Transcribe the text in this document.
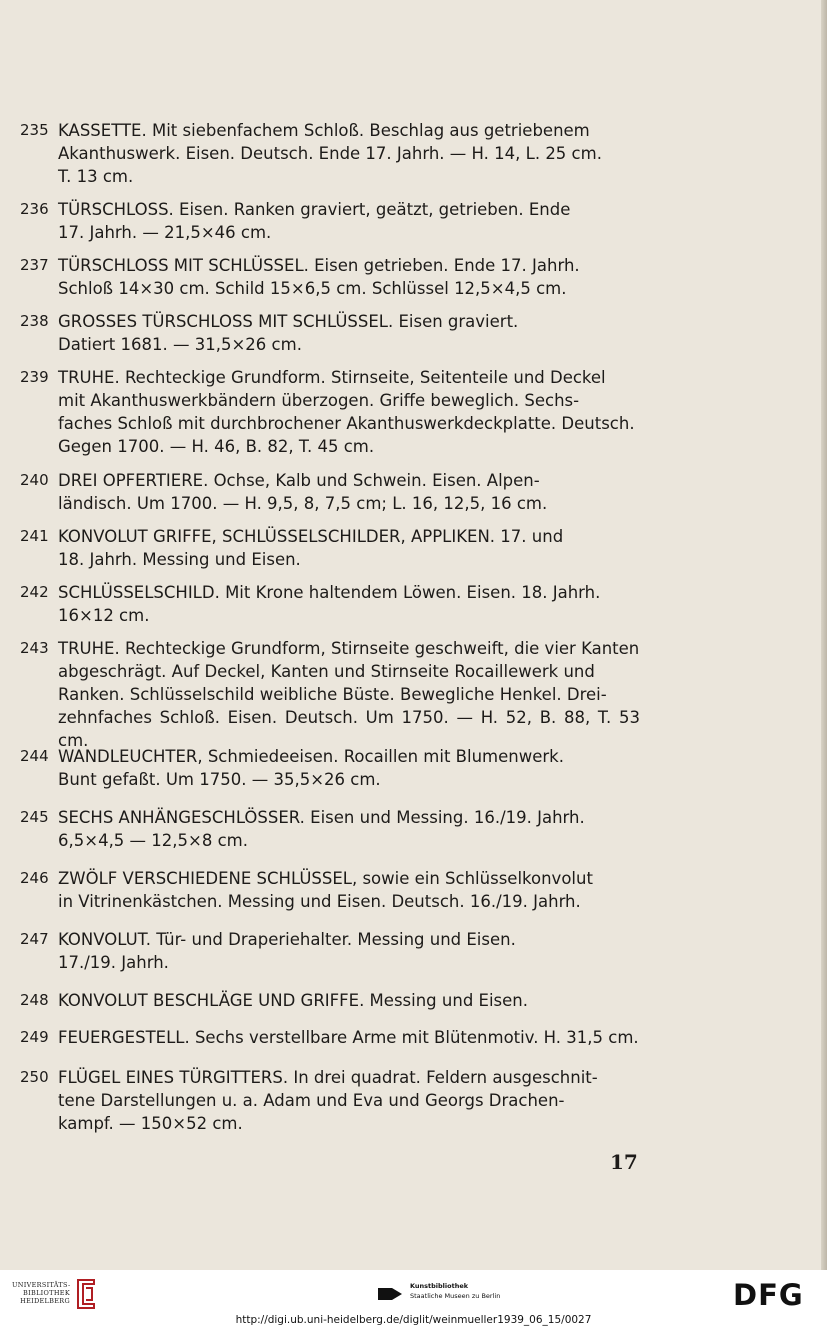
235 KASSETTE. Mit siebenfachem Schloß. Beschlag aus getriebenem
Akanthuswerk. Eisen. Deutsch. Ende 17. Jahrh. — H. 14, L. 25 cm.
T. 13 cm.
236 TÜRSCHLOSS. Eisen. Ranken graviert, geätzt, getrieben. Ende
17. Jahrh. — 21,5×46 cm.
237 TÜRSCHLOSS MIT SCHLÜSSEL. Eisen getrieben. Ende 17. Jahrh.
Schloß 14×30 cm. Schild 15×6,5 cm. Schlüssel 12,5×4,5 cm.
238 GROSSES TÜRSCHLOSS MIT SCHLÜSSEL. Eisen graviert.
Datiert 1681. — 31,5×26 cm.
239 TRUHE. Rechteckige Grundform. Stirnseite, Seitenteile und Deckel
mit Akanthuswerkbändern überzogen. Griffe beweglich. Sechs-
faches Schloß mit durchbrochener Akanthuswerkdeckplatte. Deutsch.
Gegen 1700. — H. 46, B. 82, T. 45 cm.
240 DREI OPFERTIERE. Ochse, Kalb und Schwein. Eisen. Alpen-
ländisch. Um 1700. — H. 9,5, 8, 7,5 cm; L. 16, 12,5, 16 cm.
241 KONVOLUT GRIFFE, SCHLÜSSELSCHILDER, APPLIKEN. 17. und
18. Jahrh. Messing und Eisen.
242 SCHLÜSSELSCHILD. Mit Krone haltendem Löwen. Eisen. 18. Jahrh.
16×12 cm.
243 TRUHE. Rechteckige Grundform, Stirnseite geschweift, die vier Kanten
abgeschrägt. Auf Deckel, Kanten und Stirnseite Rocaillewerk und
Ranken. Schlüsselschild weibliche Büste. Bewegliche Henkel. Drei-
zehnfaches Schloß. Eisen. Deutsch. Um 1750. — H. 52, B. 88, T. 53 cm.
244 WANDLEUCHTER, Schmiedeeisen. Rocaillen mit Blumenwerk.
Bunt gefaßt. Um 1750. — 35,5×26 cm.
245 SECHS ANHÄNGESCHLÖSSER. Eisen und Messing. 16./19. Jahrh.
6,5×4,5 — 12,5×8 cm.
246 ZWÖLF VERSCHIEDENE SCHLÜSSEL, sowie ein Schlüsselkonvolut
in Vitrinenkästchen. Messing und Eisen. Deutsch. 16./19. Jahrh.
247 KONVOLUT. Tür- und Draperiehalter. Messing und Eisen.
17./19. Jahrh.
248 KONVOLUT BESCHLÄGE UND GRIFFE. Messing und Eisen.
249 FEUERGESTELL. Sechs verstellbare Arme mit Blütenmotiv. H. 31,5 cm.
250 FLÜGEL EINES TÜRGITTERS. In drei quadrat. Feldern ausgeschnit-
tene Darstellungen u. a. Adam und Eva und Georgs Drachen-
kampf. — 150×52 cm.
17
UNIVERSITÄTS-
BIBLIOTHEK
HEIDELBERG
Kunstbibliothek
Staatliche Museen zu Berlin	DFG
http://digi.ub.uni-heidelberg.de/diglit/weinmueller1939_06_15/0027
